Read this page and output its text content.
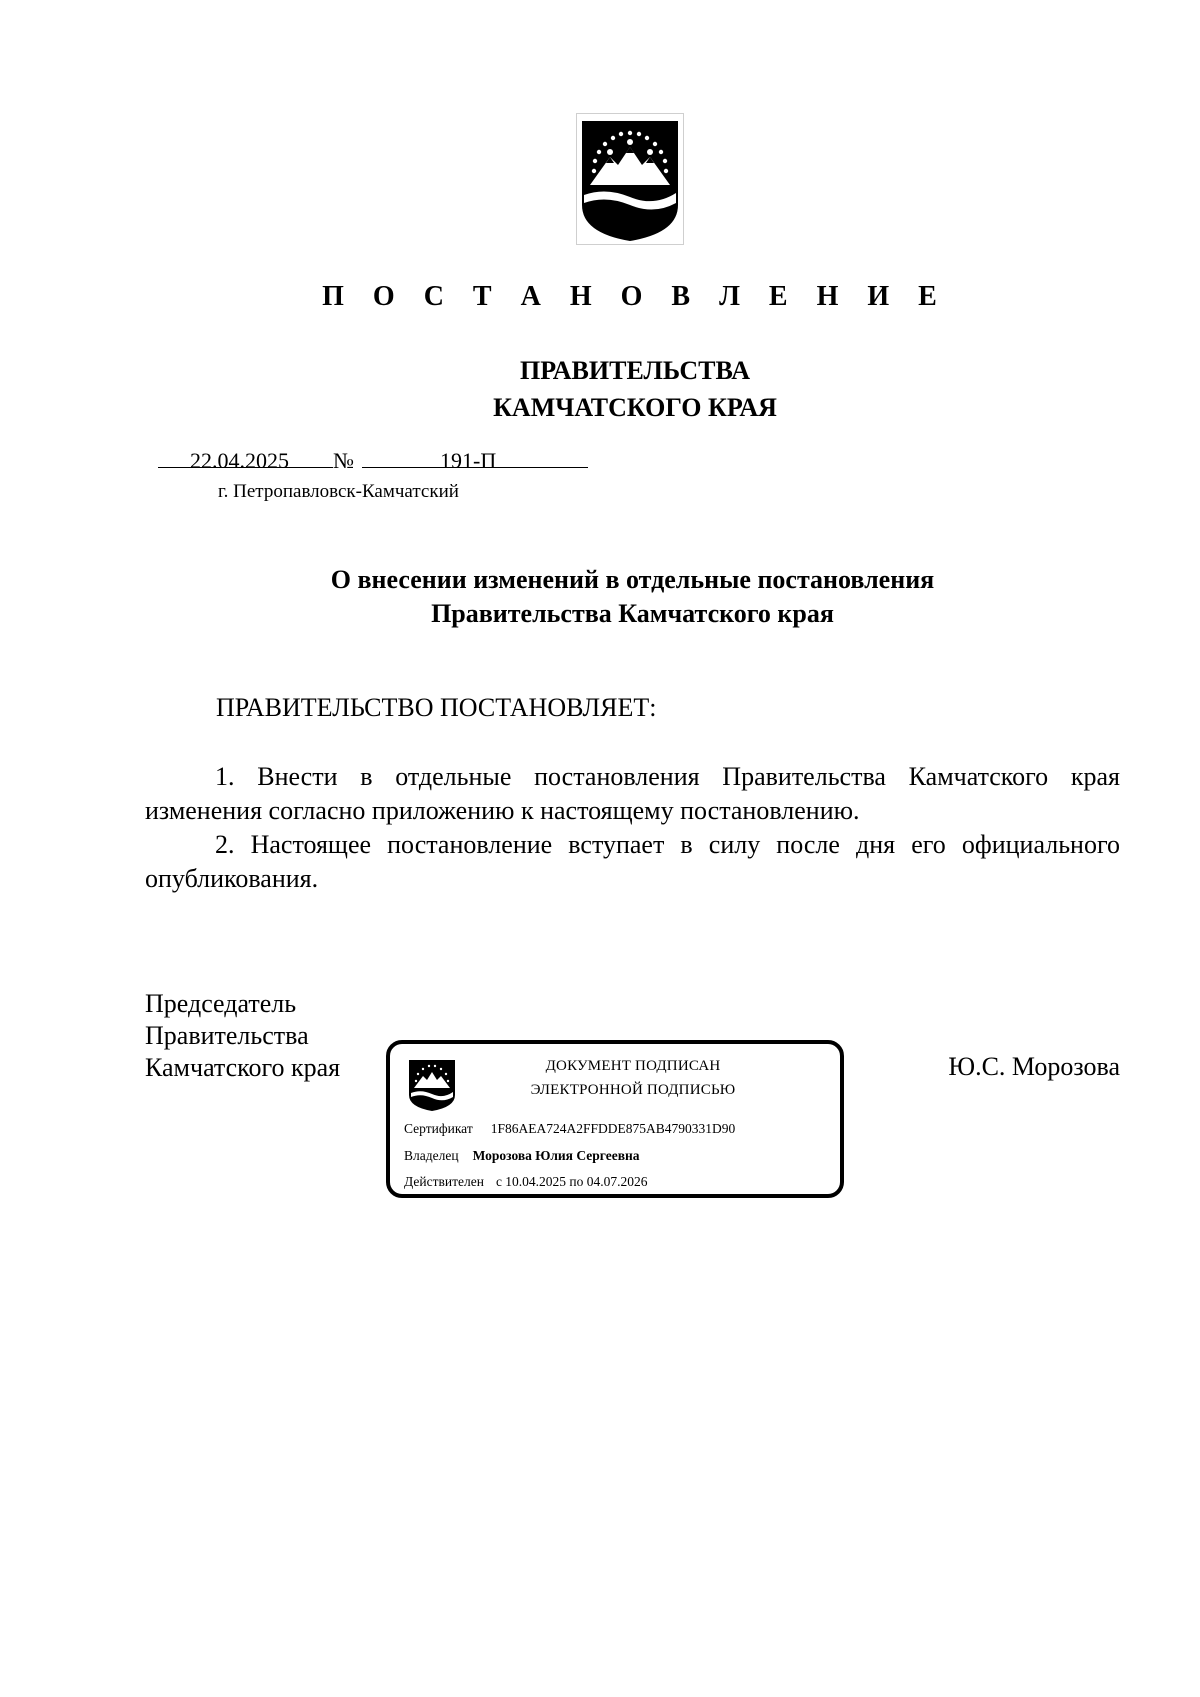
П О С Т А Н О В Л Е Н И Е
ПРАВИТЕЛЬСТВА
КАМЧАТСКОГО КРАЯ
22.04.2025 №	191-П
г. Петропавловск-Камчатский
О внесении изменений в отдельные постановления
Правительства Камчатского края
ПРАВИТЕЛЬСТВО ПОСТАНОВЛЯЕТ:

1. Внести в отдельные постановления Правительства Камчатского края изменения согласно приложению к настоящему постановлению.

2. Настоящее постановление вступает в силу после дня его официального опубликования.

Председатель
Правительства
Камчатского края	ДОКУМЕНТ ПОДПИСАН
ЭЛЕКТРОННОЙ ПОДПИСЬЮ
Сертификат 1F86AEA724A2FFDDE875AB4790331D90
Владелец Морозова Юлия Сергеевна
Действителен с 10.04.2025 по 04.07.2026
Ю.С. Морозова
